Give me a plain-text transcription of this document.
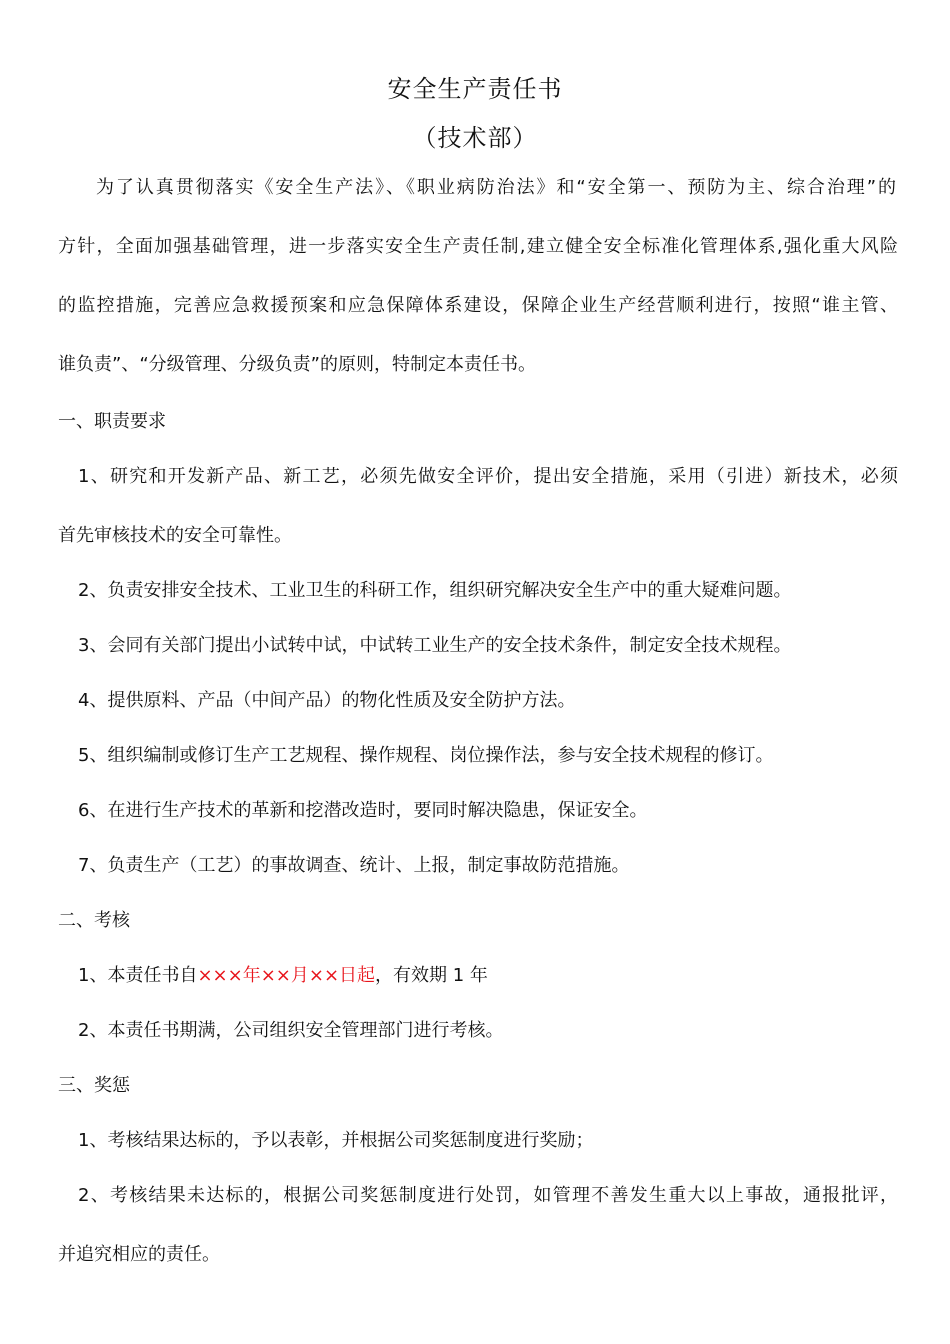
安全生产责任书
（技术部）
为了认真贯彻落实《安全生产法》、《职业病防治法》和“安全第一、预防为主、综合治理”的
方针，全面加强基础管理，进一步落实安全生产责任制,建立健全安全标准化管理体系,强化重大风险
的监控措施，完善应急救援预案和应急保障体系建设，保障企业生产经营顺利进行，按照“谁主管、
谁负责”、“分级管理、分级负责”的原则，特制定本责任书。
一、职责要求
1、研究和开发新产品、新工艺，必须先做安全评价，提出安全措施，采用（引进）新技术，必须
首先审核技术的安全可靠性。
2、负责安排安全技术、工业卫生的科研工作，组织研究解决安全生产中的重大疑难问题。
3、会同有关部门提出小试转中试，中试转工业生产的安全技术条件，制定安全技术规程。
4、提供原料、产品（中间产品）的物化性质及安全防护方法。
5、组织编制或修订生产工艺规程、操作规程、岗位操作法，参与安全技术规程的修订。
6、在进行生产技术的革新和挖潜改造时，要同时解决隐患，保证安全。
7、负责生产（工艺）的事故调查、统计、上报，制定事故防范措施。
二、考核
1、本责任书自×××年××月××日起，有效期 1 年
2、本责任书期满，公司组织安全管理部门进行考核。
三、奖惩
1、考核结果达标的，予以表彰，并根据公司奖惩制度进行奖励；
2、考核结果未达标的，根据公司奖惩制度进行处罚，如管理不善发生重大以上事故，通报批评，
并追究相应的责任。
